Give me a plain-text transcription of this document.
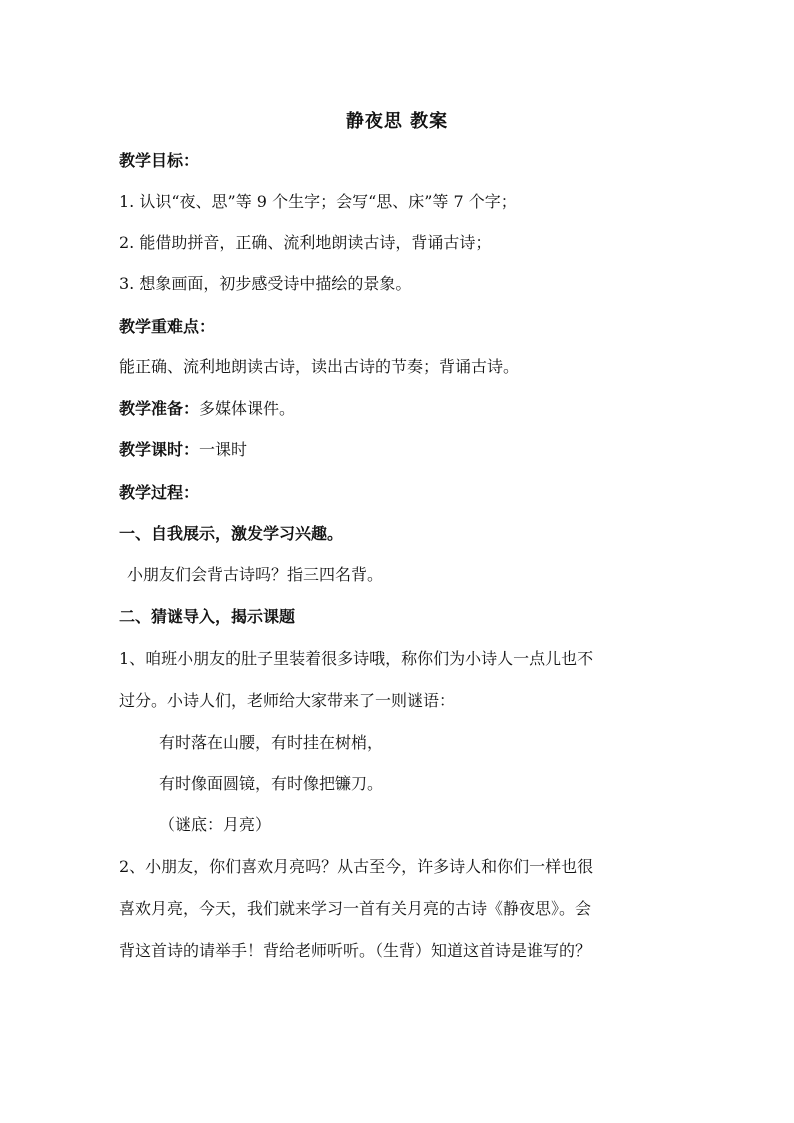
静夜思 教案
教学目标：
1. 认识“夜、思”等 9 个生字；会写“思、床”等 7 个字；
2. 能借助拼音，正确、流利地朗读古诗，背诵古诗；
3. 想象画面，初步感受诗中描绘的景象。
教学重难点：
能正确、流利地朗读古诗，读出古诗的节奏；背诵古诗。
教学准备：多媒体课件。
教学课时：一课时
教学过程：
一、自我展示，激发学习兴趣。
小朋友们会背古诗吗？指三四名背。
二、猜谜导入，揭示课题
1、咱班小朋友的肚子里装着很多诗哦，称你们为小诗人一点儿也不
过分。小诗人们，老师给大家带来了一则谜语：
有时落在山腰，有时挂在树梢，
有时像面圆镜，有时像把镰刀。
（谜底：月亮）
2、小朋友，你们喜欢月亮吗？从古至今，许多诗人和你们一样也很
喜欢月亮，今天，我们就来学习一首有关月亮的古诗《静夜思》。会
背这首诗的请举手！背给老师听听。（生背）知道这首诗是谁写的？
